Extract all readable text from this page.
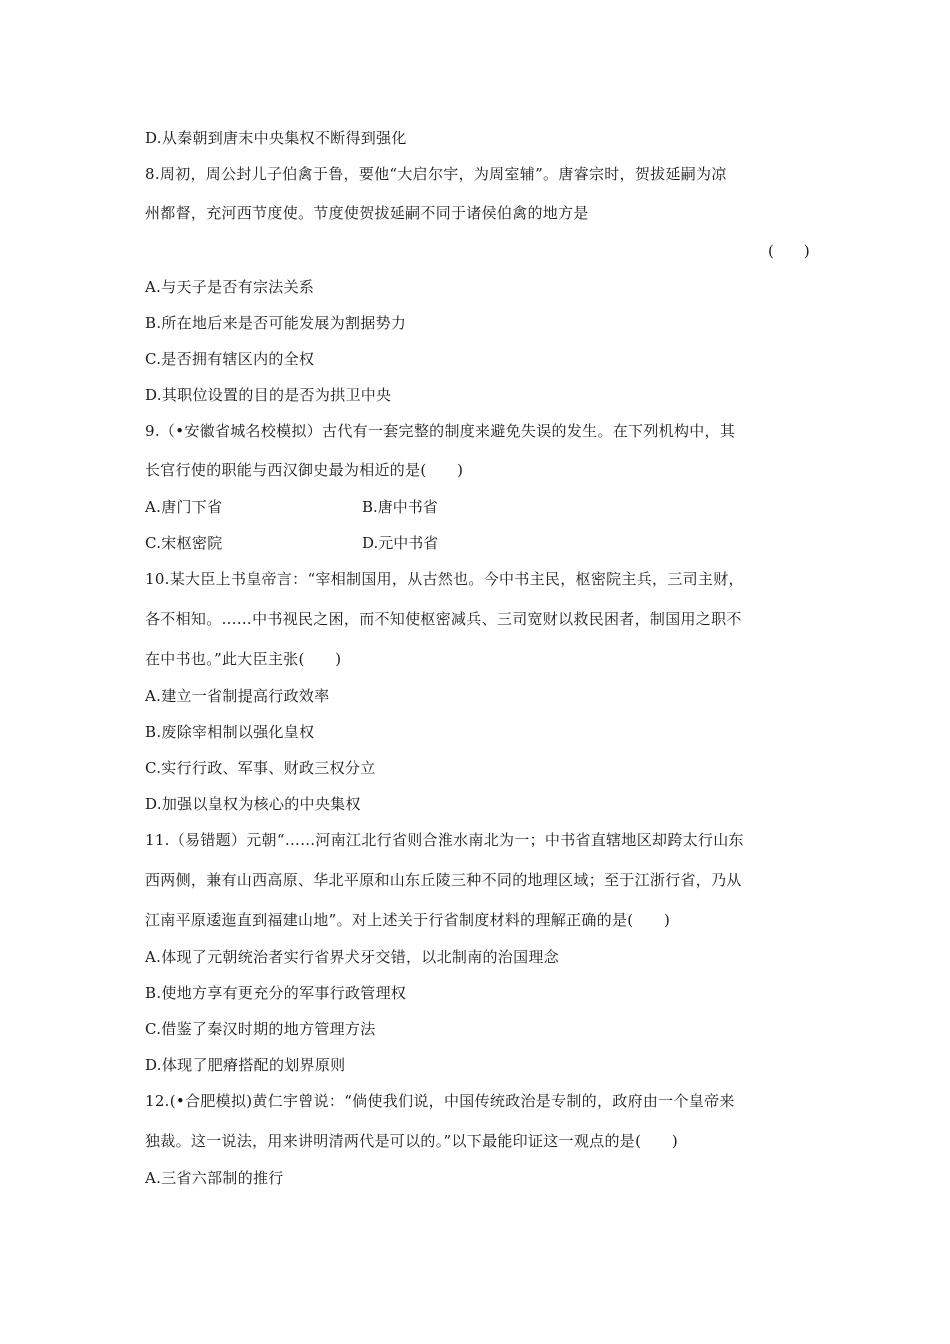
D.从秦朝到唐末中央集权不断得到强化
8.周初，周公封儿子伯禽于鲁，要他“大启尔宇，为周室辅”。唐睿宗时，贺拔延嗣为凉
州都督，充河西节度使。节度使贺拔延嗣不同于诸侯伯禽的地方是
(　　)
A.与天子是否有宗法关系
B.所在地后来是否可能发展为割据势力
C.是否拥有辖区内的全权
D.其职位设置的目的是否为拱卫中央
9.（•安徽省城名校模拟）古代有一套完整的制度来避免失误的发生。在下列机构中，其
长官行使的职能与西汉御史最为相近的是(　　)
A.唐门下省	B.唐中书省
C.宋枢密院	D.元中书省
10.某大臣上书皇帝言：“宰相制国用，从古然也。今中书主民，枢密院主兵，三司主财，
各不相知。……中书视民之困，而不知使枢密减兵、三司宽财以救民困者，制国用之职不
在中书也。”此大臣主张(　　)
A.建立一省制提高行政效率
B.废除宰相制以强化皇权
C.实行行政、军事、财政三权分立
D.加强以皇权为核心的中央集权
11.（易错题）元朝“……河南江北行省则合淮水南北为一；中书省直辖地区却跨太行山东
西两侧，兼有山西高原、华北平原和山东丘陵三种不同的地理区域；至于江浙行省，乃从
江南平原逶迤直到福建山地”。对上述关于行省制度材料的理解正确的是(　　)
A.体现了元朝统治者实行省界犬牙交错，以北制南的治国理念
B.使地方享有更充分的军事行政管理权
C.借鉴了秦汉时期的地方管理方法
D.体现了肥瘠搭配的划界原则
12.(•合肥模拟)黄仁宇曾说：“倘使我们说，中国传统政治是专制的，政府由一个皇帝来
独裁。这一说法，用来讲明清两代是可以的。”以下最能印证这一观点的是(　　)
A.三省六部制的推行
